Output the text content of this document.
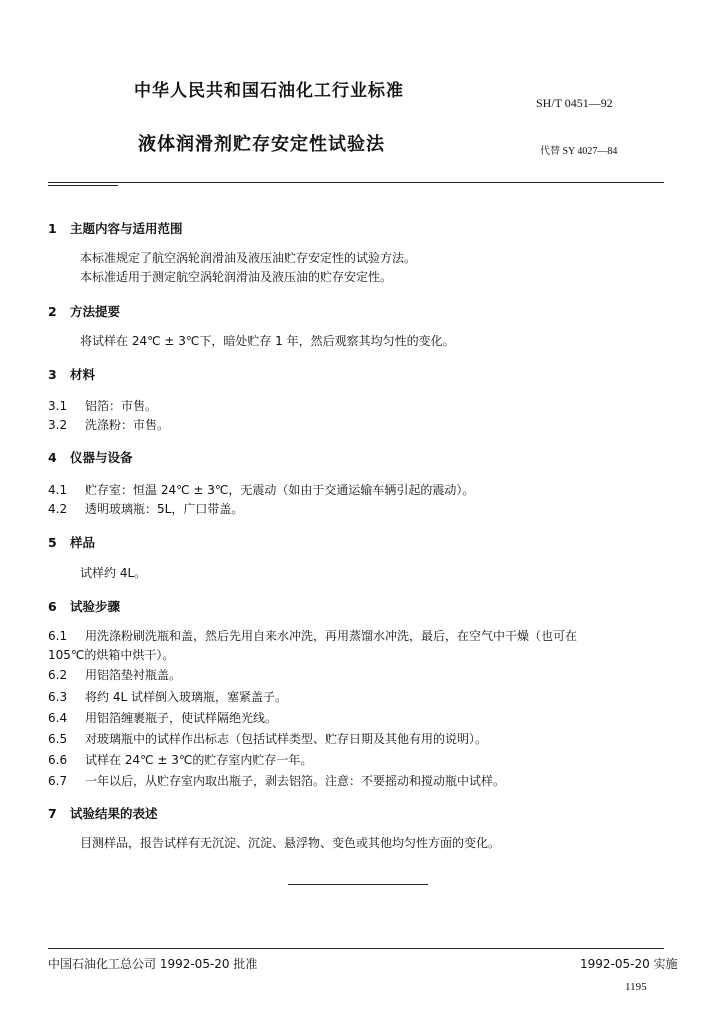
中华人民共和国石油化工行业标准
SH/T 0451—92
液体润滑剂贮存安定性试验法	代替 SY 4027—84
1 主题内容与适用范围
本标准规定了航空涡轮润滑油及液压油贮存安定性的试验方法。
本标准适用于测定航空涡轮润滑油及液压油的贮存安定性。
2 方法提要
将试样在 24℃ ± 3℃下，暗处贮存 1 年，然后观察其均匀性的变化。
3 材料
3.1 铝箔：市售。
3.2 洗涤粉：市售。
4 仪器与设备
4.1 贮存室：恒温 24℃ ± 3℃，无震动（如由于交通运输车辆引起的震动）。
4.2 透明玻璃瓶：5L，广口带盖。
5 样品
试样约 4L。
6 试验步骤
6.1 用洗涤粉刷洗瓶和盖，然后先用自来水冲洗，再用蒸馏水冲洗，最后，在空气中干燥（也可在
105℃的烘箱中烘干）。
6.2 用铝箔垫衬瓶盖。
6.3 将约 4L 试样倒入玻璃瓶，塞紧盖子。
6.4 用铝箔缠裹瓶子，使试样隔绝光线。
6.5 对玻璃瓶中的试样作出标志（包括试样类型、贮存日期及其他有用的说明）。
6.6 试样在 24℃ ± 3℃的贮存室内贮存一年。
6.7 一年以后，从贮存室内取出瓶子，剥去铝箔。注意：不要摇动和搅动瓶中试样。
7 试验结果的表述
目测样品，报告试样有无沉淀、沉淀、悬浮物、变色或其他均匀性方面的变化。
中国石油化工总公司 1992-05-20 批准	1992-05-20 实施
1195
